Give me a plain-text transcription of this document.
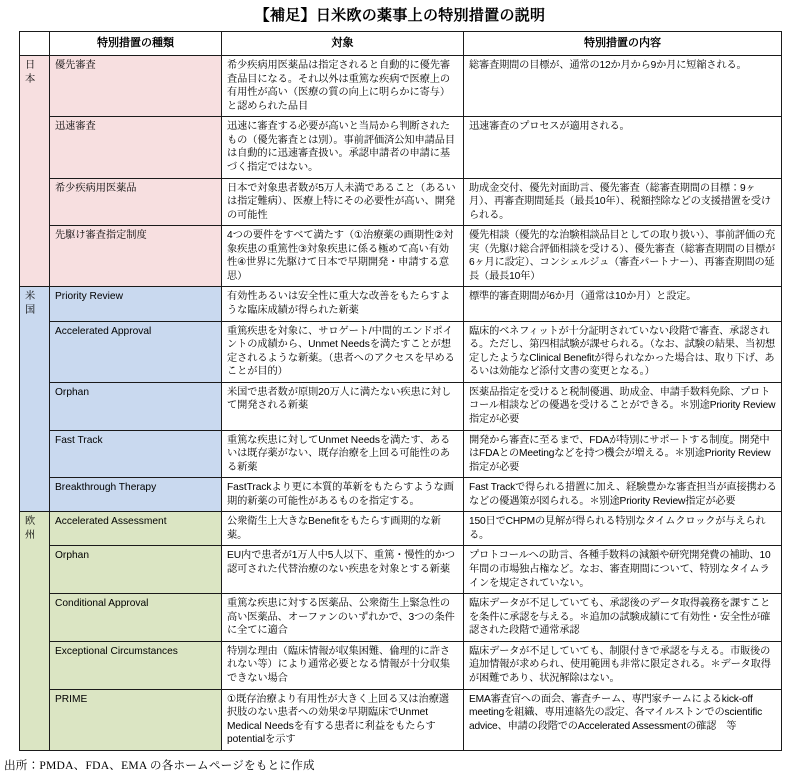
【補足】日米欧の薬事上の特別措置の説明
	特別措置の種類	対象	特別措置の内容
日本	優先審査	希少疾病用医薬品は指定されると自動的に優先審査品目になる。それ以外は重篤な疾病で医療上の有用性が高い（医療の質の向上に明らかに寄与）と認められた品目	総審査期間の目標が、通常の12か月から9か月に短縮される。
	迅速審査	迅速に審査する必要が高いと当局から判断されたもの（優先審査とは別）。事前評価済公知申請品目は自動的に迅速審査扱い。承認申請者の申請に基づく指定ではない。	迅速審査のプロセスが適用される。
	希少疾病用医薬品	日本で対象患者数が5万人未満であること（あるいは指定難病）、医療上特にその必要性が高い、開発の可能性	助成金交付、優先対面助言、優先審査（総審査期間の目標：9ヶ月）、再審査期間延長（最長10年）、税額控除などの支援措置を受けられる。
	先駆け審査指定制度	4つの要件をすべて満たす（①治療薬の画期性②対象疾患の重篤性③対象疾患に係る極めて高い有効性④世界に先駆けて日本で早期開発・申請する意思）	優先相談（優先的な治験相談品目としての取り扱い）、事前評価の充実（先駆け総合評価相談を受ける）、優先審査（総審査期間の目標が6ヶ月に設定）、コンシェルジュ（審査パートナー）、再審査期間の延長（最長10年）
米国	Priority Review	有効性あるいは安全性に重大な改善をもたらすような臨床成績が得られた新薬	標準的審査期間が6か月（通常は10か月）と設定。
	Accelerated Approval	重篤疾患を対象に、サロゲート/中間的エンドポイントの成績から、Unmet Needsを満たすことが想定されるような新薬。（患者へのアクセスを早めることが目的）	臨床的ベネフィットが十分証明されていない段階で審査、承認される。ただし、第四相試験が課せられる。（なお、試験の結果、当初想定したようなClinical Benefitが得られなかった場合は、取り下げ、あるいは効能など添付文書の変更となる。）
	Orphan	米国で患者数が原則20万人に満たない疾患に対して開発される新薬	医薬品指定を受けると税制優遇、助成金、申請手数料免除、プロトコール相談などの優遇を受けることができる。＊別途Priority Review指定が必要
	Fast Track	重篤な疾患に対してUnmet Needsを満たす、あるいは既存薬がない、既存治療を上回る可能性のある新薬	開発から審査に至るまで、FDAが特別にサポートする制度。開発中はFDAとのMeetingなどを持つ機会が増える。＊別途Priority Review指定が必要
	Breakthrough Therapy	FastTrackより更に本質的革新をもたらすような画期的新薬の可能性があるものを指定する。	Fast Trackで得られる措置に加え、経験豊かな審査担当が直接携わるなどの優遇策が図られる。＊別途Priority Review指定が必要
欧州	Accelerated Assessment	公衆衛生上大きなBenefitをもたらす画期的な新薬。	150日でCHPMの見解が得られる特別なタイムクロックが与えられる。
	Orphan	EU内で患者が1万人中5人以下、重篤・慢性的かつ認可された代替治療のない疾患を対象とする新薬	プロトコールへの助言、各種手数料の減額や研究開発費の補助、10年間の市場独占権など。なお、審査期間について、特別なタイムラインを規定されていない。
	Conditional Approval	重篤な疾患に対する医薬品、公衆衛生上緊急性の高い医薬品、オーファンのいずれかで、3つの条件に全てに適合	臨床データが不足していても、承認後のデータ取得義務を課すことを条件に承認を与える。＊追加の試験成績にて有効性・安全性が確認された段階で通常承認
	Exceptional Circumstances	特別な理由（臨床情報が収集困難、倫理的に許されない等）により通常必要となる情報が十分収集できない場合	臨床データが不足していても、制限付きで承認を与える。市販後の追加情報が求められ、使用範囲も非常に限定される。＊データ取得が困難であり、状況解除はない。
	PRIME	①既存治療より有用性が大きく上回る又は治療選択肢のない患者への効果②早期臨床でUnmet Medical Needsを有する患者に利益をもたらすpotentialを示す	EMA審査官への面会、審査チーム、専門家チームによるkick-off meetingを組織、専用連絡先の設定、各マイルストンでのscientific advice、申請の段階でのAccelerated Assessmentの確認　等
出所：PMDA、FDA、EMA の各ホームページをもとに作成
